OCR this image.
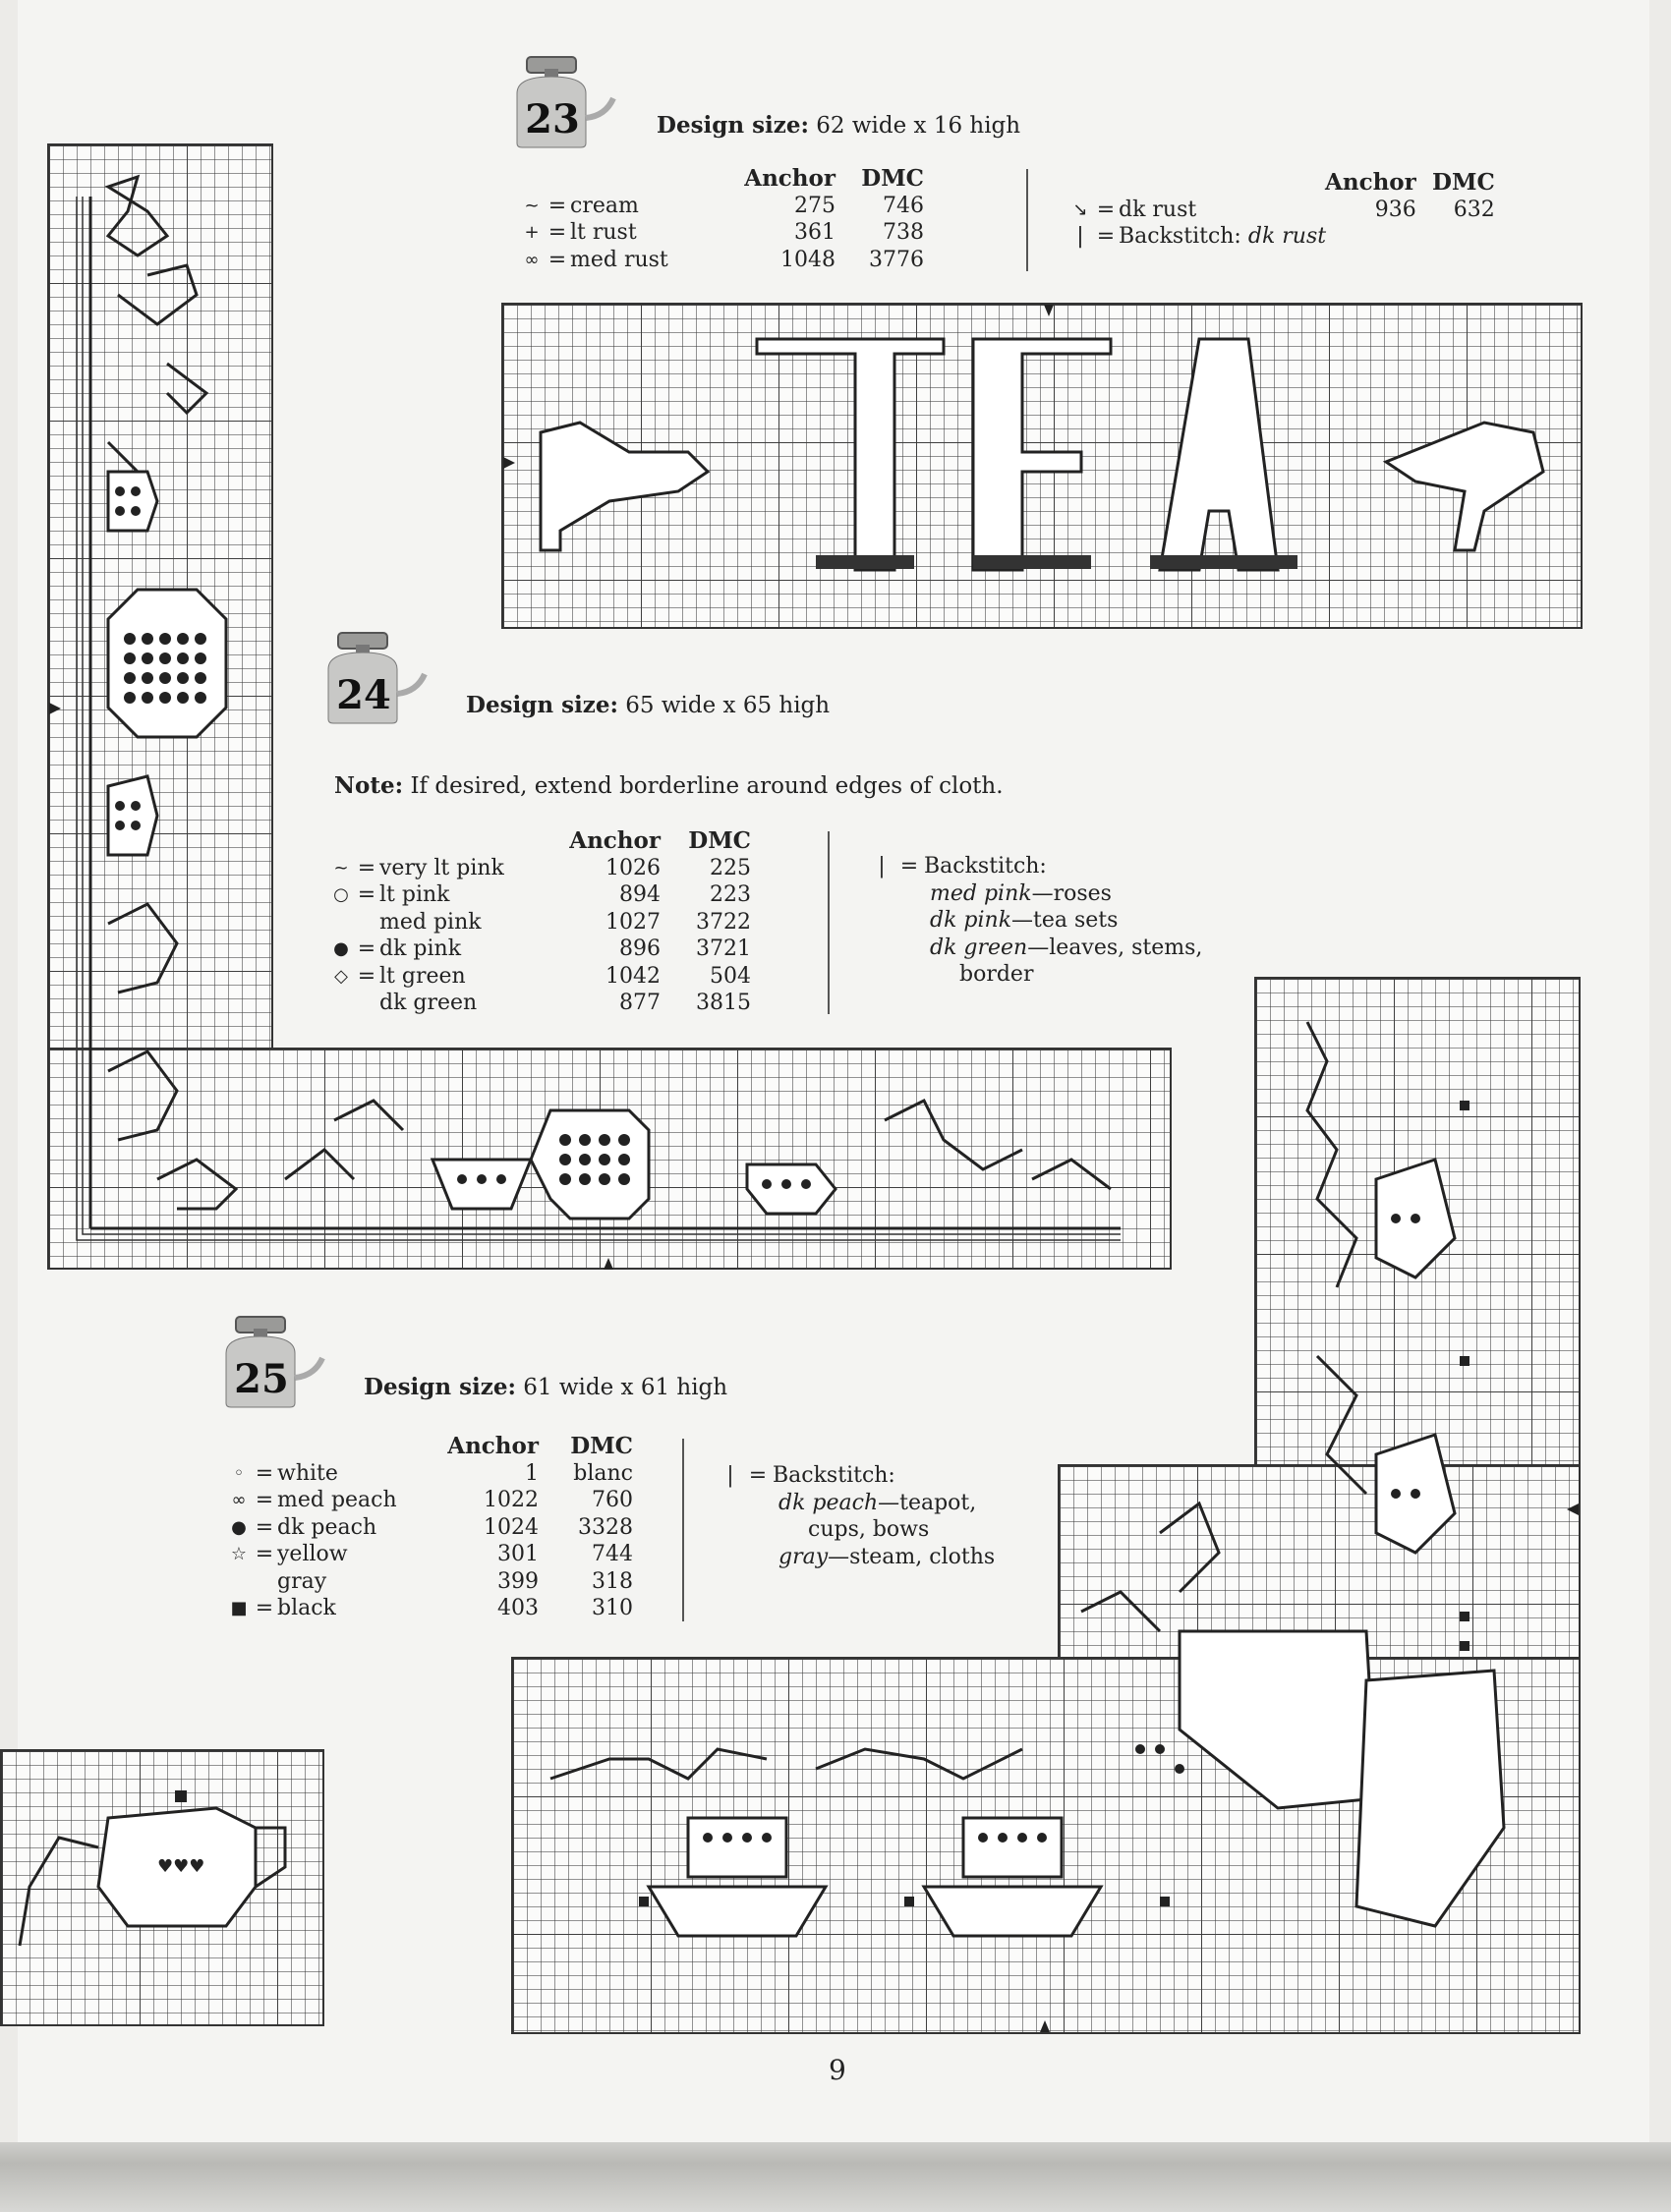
♥♥♥
23	Design size: 62 wide x 16 high
			Anchor	DMC
~	=	cream	275	746
+	=	lt rust	361	738
∞	=	med rust	1048	3776
			Anchor	DMC
↘	=	dk rust	936	632
|	=	Backstitch: dk rust		
24	Design size: 65 wide x 65 high
Note: If desired, extend borderline around edges of cloth.
			Anchor	DMC
~	=	very lt pink	1026	225
○	=	lt pink	894	223
		med pink	1027	3722
●	=	dk pink	896	3721
◇	=	lt green	1042	504
		dk green	877	3815
| = Backstitch:
med pink—roses
dk pink—tea sets
dk green—leaves, stems,
border
25	Design size: 61 wide x 61 high
			Anchor	DMC
◦	=	white	1	blanc
∞	=	med peach	1022	760
●	=	dk peach	1024	3328
☆	=	yellow	301	744
		gray	399	318
■	=	black	403	310
| = Backstitch:
dk peach—teapot,
cups, bows
gray—steam, cloths
9
